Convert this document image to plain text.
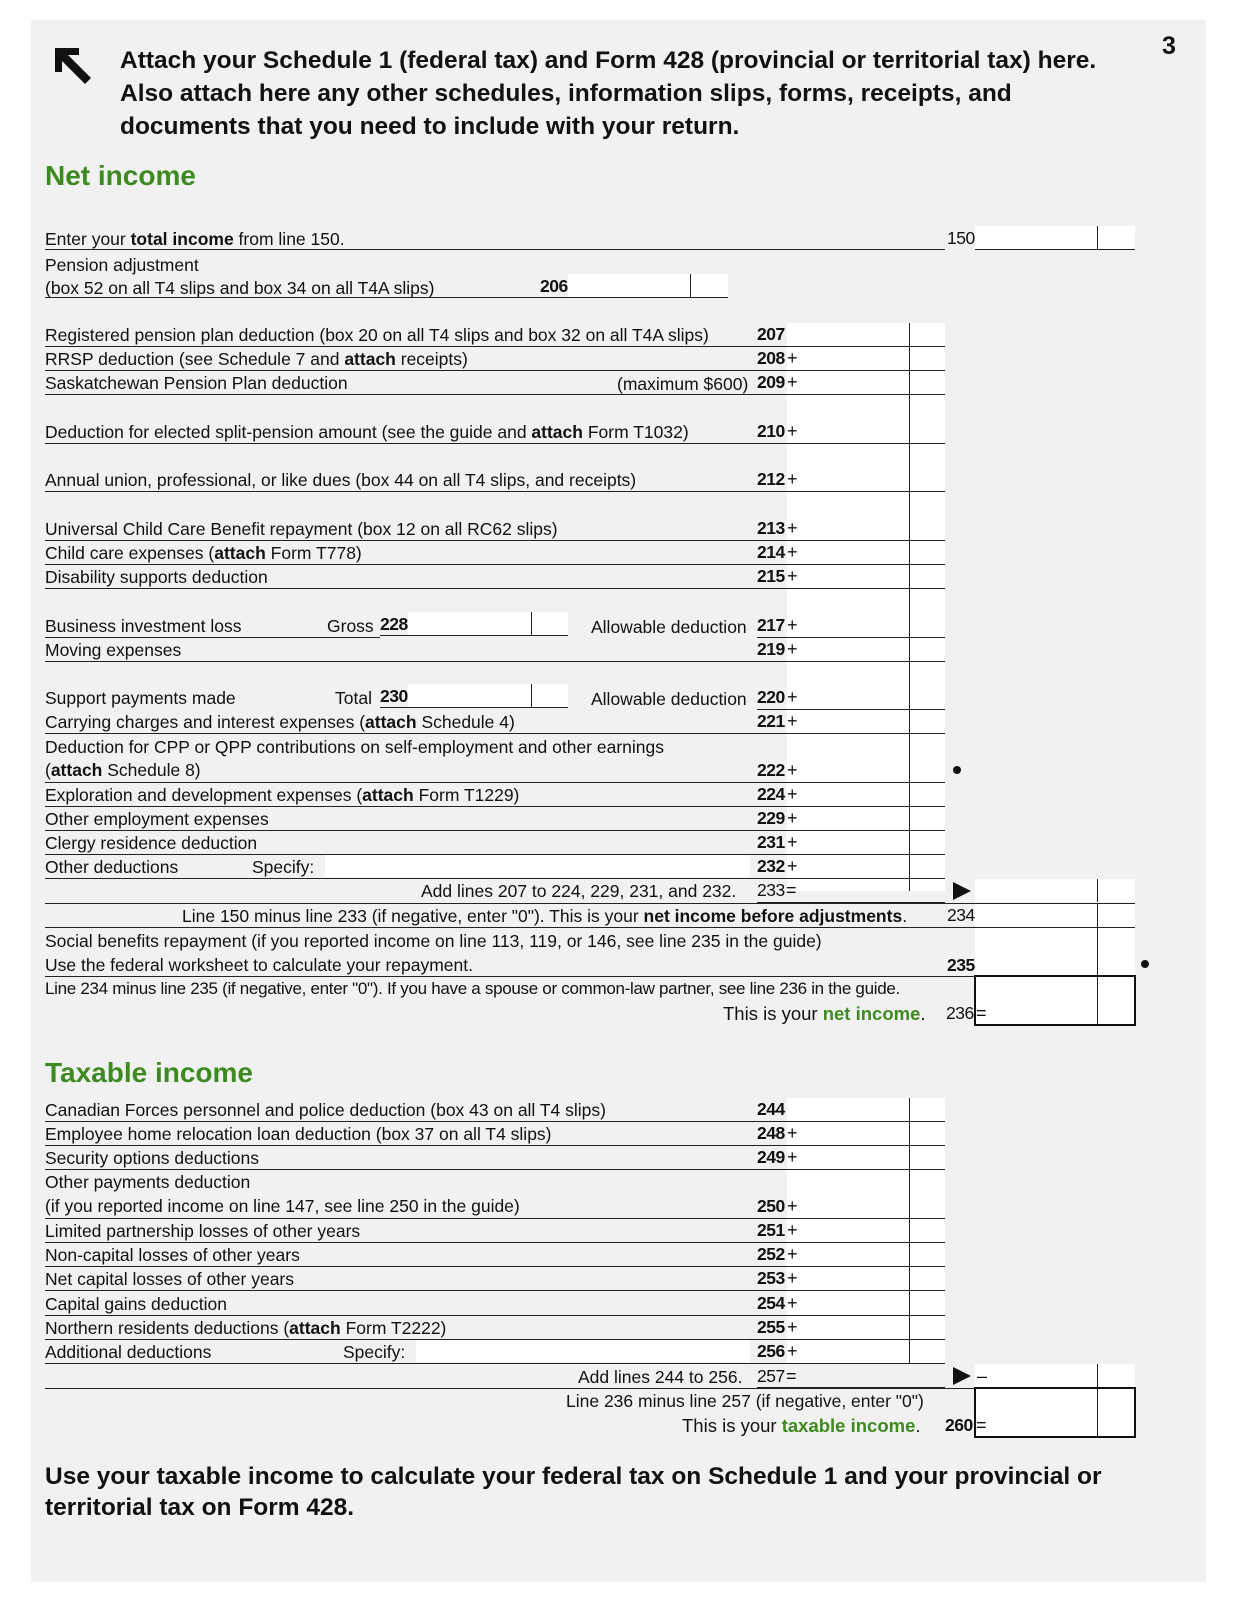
3
Attach your Schedule 1 (federal tax) and Form 428 (provincial or territorial tax) here. Also attach here any other schedules, information slips, forms, receipts, and documents that you need to include with your return.
Net income
Enter your total income from line 150.	150
Pension adjustment
(box 52 on all T4 slips and box 34 on all T4A slips)	206
Registered pension plan deduction (box 20 on all T4 slips and box 32 on all T4A slips)	207
RRSP deduction (see Schedule 7 and attach receipts)	208 +
Saskatchewan Pension Plan deduction	(maximum $600) 209 +
Deduction for elected split-pension amount (see the guide and attach Form T1032)	210 +
Annual union, professional, or like dues (box 44 on all T4 slips, and receipts)	212 +
Universal Child Care Benefit repayment (box 12 on all RC62 slips)	213 +
Child care expenses (attach Form T778)	214 +
Disability supports deduction	215 +
Business investment loss	Gross 228	Allowable deduction 217 +
Moving expenses	219 +
Support payments made	Total 230	Allowable deduction 220 +
Carrying charges and interest expenses (attach Schedule 4)	221 +
Deduction for CPP or QPP contributions on self-employment and other earnings
(attach Schedule 8)	222 +
Exploration and development expenses (attach Form T1229)	224 +
Other employment expenses	229 +
Clergy residence deduction	231 +
Other deductions	Specify:	232 +
Add lines 207 to 224, 229, 231, and 232. 233 =
Line 150 minus line 233 (if negative, enter "0"). This is your net income before adjustments. 234
Social benefits repayment (if you reported income on line 113, 119, or 146, see line 235 in the guide)
Use the federal worksheet to calculate your repayment.	235
Line 234 minus line 235 (if negative, enter "0"). If you have a spouse or common-law partner, see line 236 in the guide.
This is your net income. 236 =
Taxable income
Canadian Forces personnel and police deduction (box 43 on all T4 slips)	244
Employee home relocation loan deduction (box 37 on all T4 slips)	248 +
Security options deductions	249 +
Other payments deduction
(if you reported income on line 147, see line 250 in the guide)	250 +
Limited partnership losses of other years	251 +
Non-capital losses of other years	252 +
Net capital losses of other years	253 +
Capital gains deduction	254 +
Northern residents deductions (attach Form T2222)	255 +
Additional deductions	Specify:	256 +
Add lines 244 to 256. 257 =	–
Line 236 minus line 257 (if negative, enter "0")
This is your taxable income. 260 =
Use your taxable income to calculate your federal tax on Schedule 1 and your provincial or territorial tax on Form 428.
